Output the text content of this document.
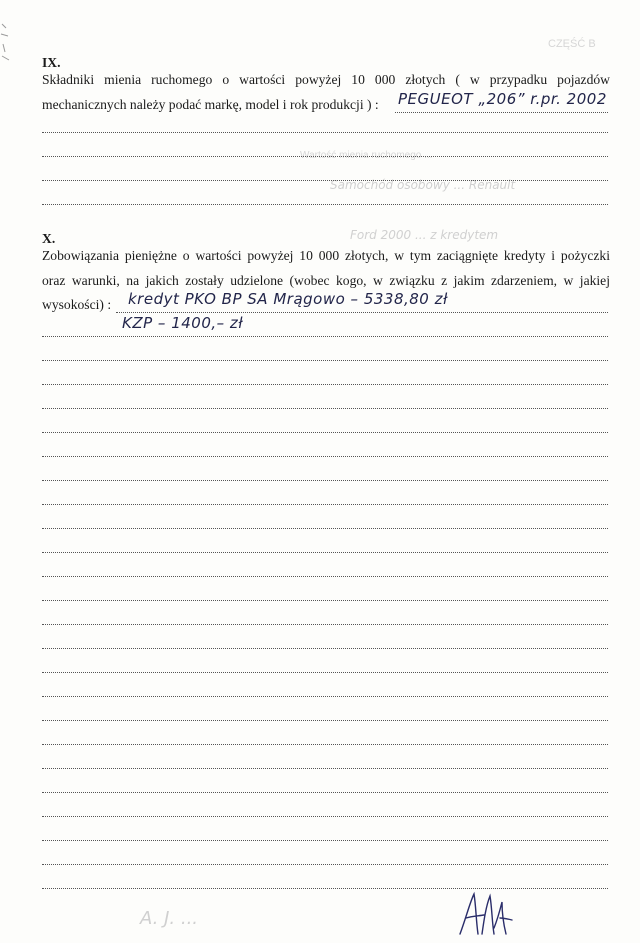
CZĘŚĆ B
Wartość mienia ruchomego ...
Samochód osobowy ... Renault
Ford 2000 ... z kredytem
A. J. ...
IX.
Składniki mienia ruchomego o wartości powyżej 10 000 złotych ( w przypadku pojazdów
mechanicznych należy podać markę, model i rok produkcji ) : PEGUEOT „206” r.pr. 2002
X.
Zobowiązania pieniężne o wartości powyżej 10 000 złotych, w tym zaciągnięte kredyty i pożyczki
oraz warunki, na jakich zostały udzielone (wobec kogo, w związku z jakim zdarzeniem, w jakiej
wysokości) : kredyt PKO BP SA Mrągowo – 5338,80 zł
KZP – 1400,– zł
